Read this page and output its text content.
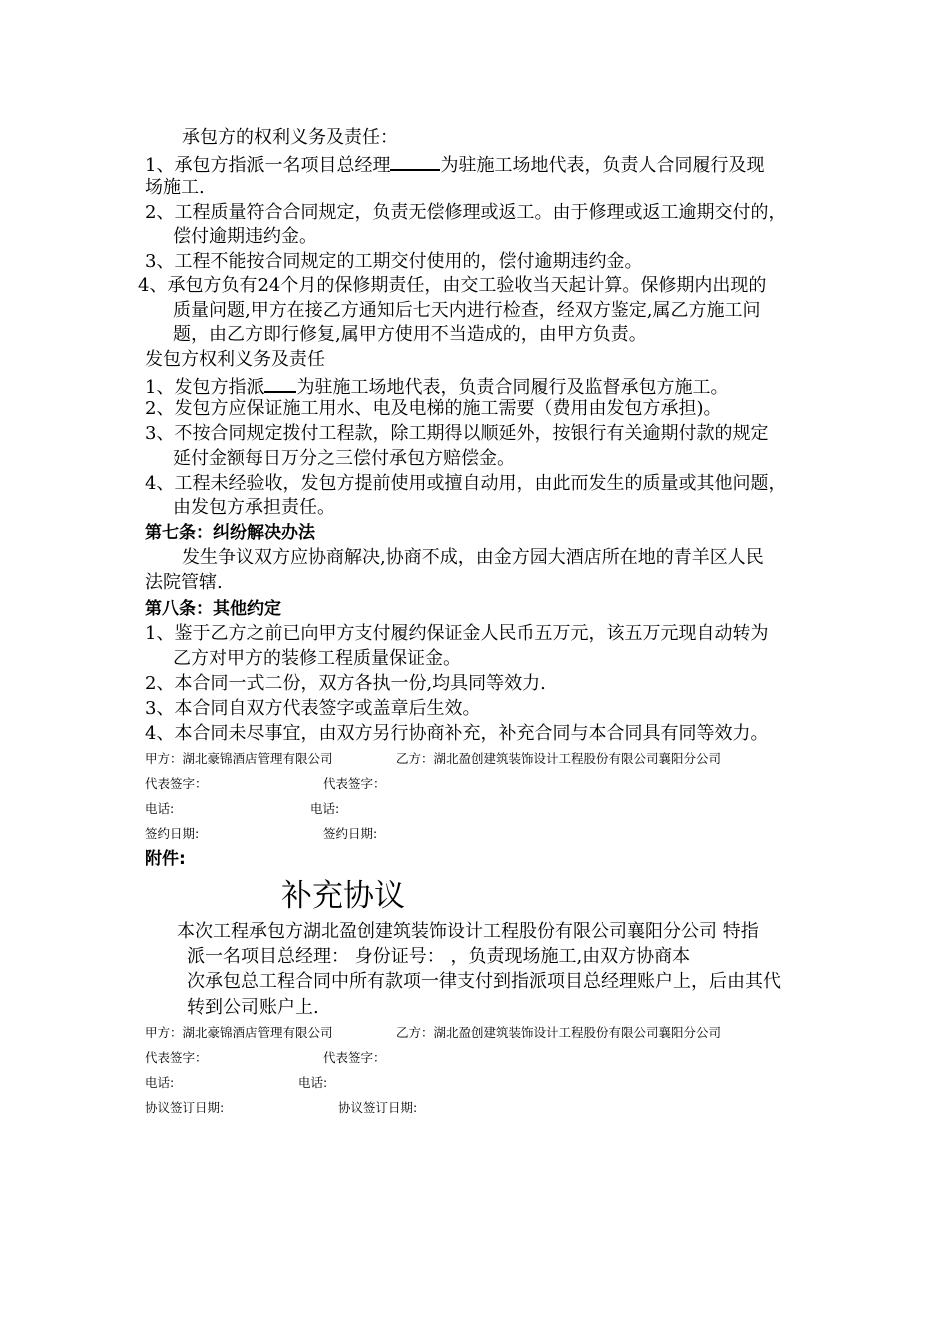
承包方的权利义务及责任：
1、承包方指派一名项目总经理	为驻施工场地代表，负责人合同履行及现
场施工.
2、工程质量符合合同规定，负责无偿修理或返工。由于修理或返工逾期交付的，
偿付逾期违约金。
3、工程不能按合同规定的工期交付使用的，偿付逾期违约金。
4、承包方负有24个月的保修期责任，由交工验收当天起计算。保修期内出现的
质量问题,甲方在接乙方通知后七天内进行检查，经双方鉴定,属乙方施工问
题，由乙方即行修复,属甲方使用不当造成的，由甲方负责。
发包方权利义务及责任
1、发包方指派 为驻施工场地代表，负责合同履行及监督承包方施工。
2、发包方应保证施工用水、电及电梯的施工需要（费用由发包方承担)。
3、不按合同规定拨付工程款，除工期得以顺延外，按银行有关逾期付款的规定
延付金额每日万分之三偿付承包方赔偿金。
4、工程未经验收，发包方提前使用或擅自动用，由此而发生的质量或其他问题，
由发包方承担责任。
第七条：纠纷解决办法
发生争议双方应协商解决,协商不成，由金方园大酒店所在地的青羊区人民
法院管辖.
第八条：其他约定
1、鉴于乙方之前已向甲方支付履约保证金人民币五万元，该五万元现自动转为
乙方对甲方的装修工程质量保证金。
2、本合同一式二份，双方各执一份,均具同等效力.
3、本合同自双方代表签字或盖章后生效。
4、本合同未尽事宜，由双方另行协商补充，补充合同与本合同具有同等效力。
甲方：湖北豪锦酒店管理有限公司	乙方：湖北盈创建筑装饰设计工程股份有限公司襄阳分公司
代表签字：	代表签字：
电话:	电话:
签约日期:	签约日期:
附件:
补充协议
本次工程承包方湖北盈创建筑装饰设计工程股份有限公司襄阳分公司 特指
派一名项目总经理： 身份证号： ，负责现场施工,由双方协商本
次承包总工程合同中所有款项一律支付到指派项目总经理账户上，后由其代
转到公司账户上.
甲方：湖北豪锦酒店管理有限公司	乙方：湖北盈创建筑装饰设计工程股份有限公司襄阳分公司
代表签字：	代表签字：
电话:	电话:
协议签订日期:	协议签订日期:
